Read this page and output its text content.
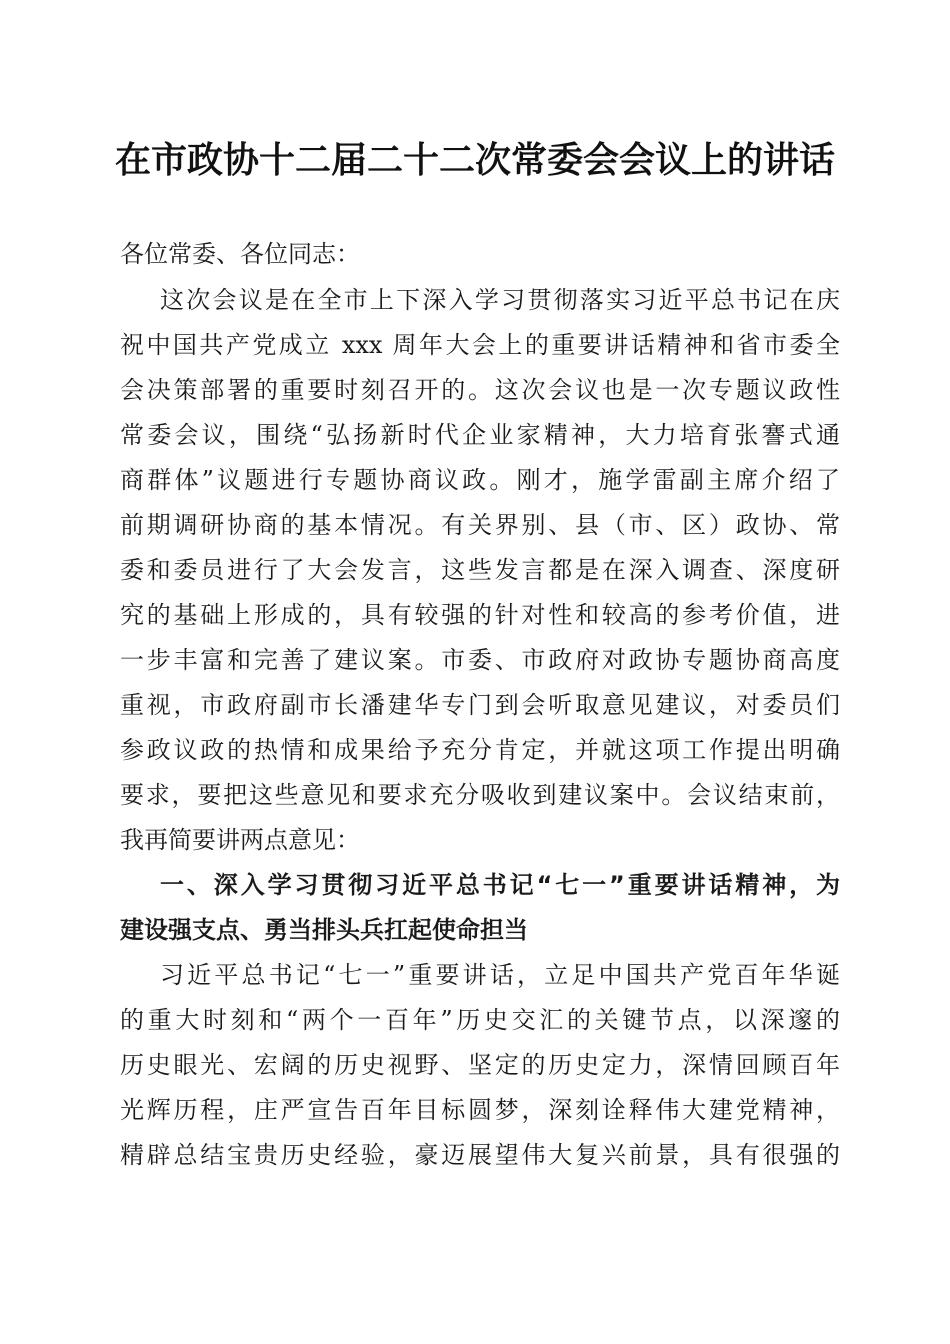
在市政协十二届二十二次常委会会议上的讲话
各位常委、各位同志：
这次会议是在全市上下深入学习贯彻落实习近平总书记在庆
祝中国共产党成立 xxx 周年大会上的重要讲话精神和省市委全
会决策部署的重要时刻召开的。这次会议也是一次专题议政性
常委会议，围绕“弘扬新时代企业家精神，大力培育张謇式通
商群体”议题进行专题协商议政。刚才，施学雷副主席介绍了
前期调研协商的基本情况。有关界别、县（市、区）政协、常
委和委员进行了大会发言，这些发言都是在深入调查、深度研
究的基础上形成的，具有较强的针对性和较高的参考价值，进
一步丰富和完善了建议案。市委、市政府对政协专题协商高度
重视，市政府副市长潘建华专门到会听取意见建议，对委员们
参政议政的热情和成果给予充分肯定，并就这项工作提出明确
要求，要把这些意见和要求充分吸收到建议案中。会议结束前，
我再简要讲两点意见：
一、深入学习贯彻习近平总书记“七一”重要讲话精神，为
建设强支点、勇当排头兵扛起使命担当
习近平总书记“七一”重要讲话，立足中国共产党百年华诞
的重大时刻和“两个一百年”历史交汇的关键节点，以深邃的
历史眼光、宏阔的历史视野、坚定的历史定力，深情回顾百年
光辉历程，庄严宣告百年目标圆梦，深刻诠释伟大建党精神，
精辟总结宝贵历史经验，豪迈展望伟大复兴前景，具有很强的
